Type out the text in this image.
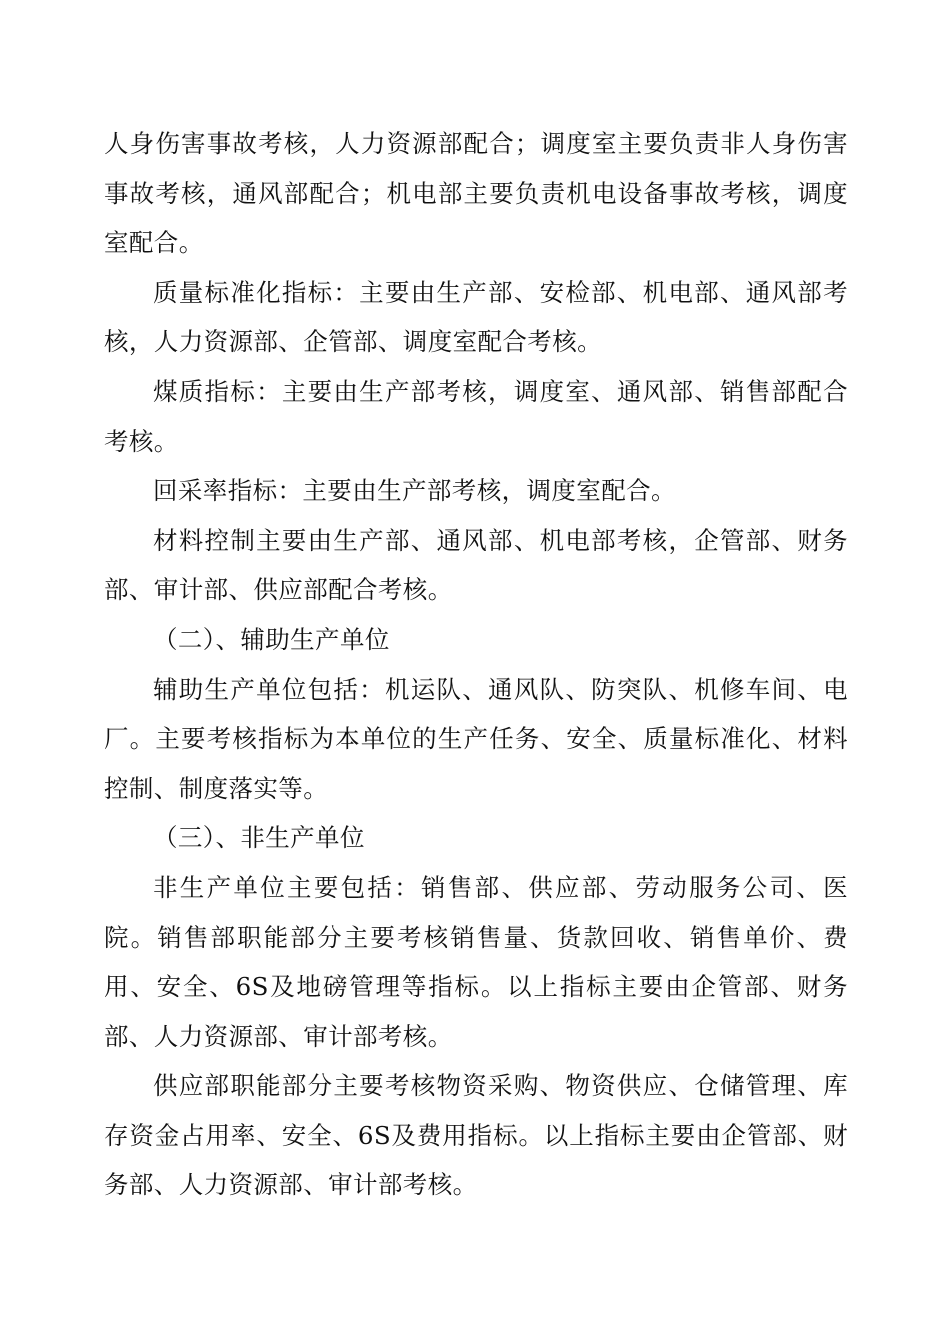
人身伤害事故考核，人力资源部配合；调度室主要负责非人身伤害事故考核，通风部配合；机电部主要负责机电设备事故考核，调度室配合。

质量标准化指标：主要由生产部、安检部、机电部、通风部考核，人力资源部、企管部、调度室配合考核。

煤质指标：主要由生产部考核，调度室、通风部、销售部配合考核。

回采率指标：主要由生产部考核，调度室配合。

材料控制主要由生产部、通风部、机电部考核，企管部、财务部、审计部、供应部配合考核。

（二）、辅助生产单位

辅助生产单位包括：机运队、通风队、防突队、机修车间、电厂。主要考核指标为本单位的生产任务、安全、质量标准化、材料控制、制度落实等。

（三）、非生产单位

非生产单位主要包括：销售部、供应部、劳动服务公司、医院。销售部职能部分主要考核销售量、货款回收、销售单价、费用、安全、6S及地磅管理等指标。以上指标主要由企管部、财务部、人力资源部、审计部考核。

供应部职能部分主要考核物资采购、物资供应、仓储管理、库存资金占用率、安全、6S及费用指标。以上指标主要由企管部、财务部、人力资源部、审计部考核。
